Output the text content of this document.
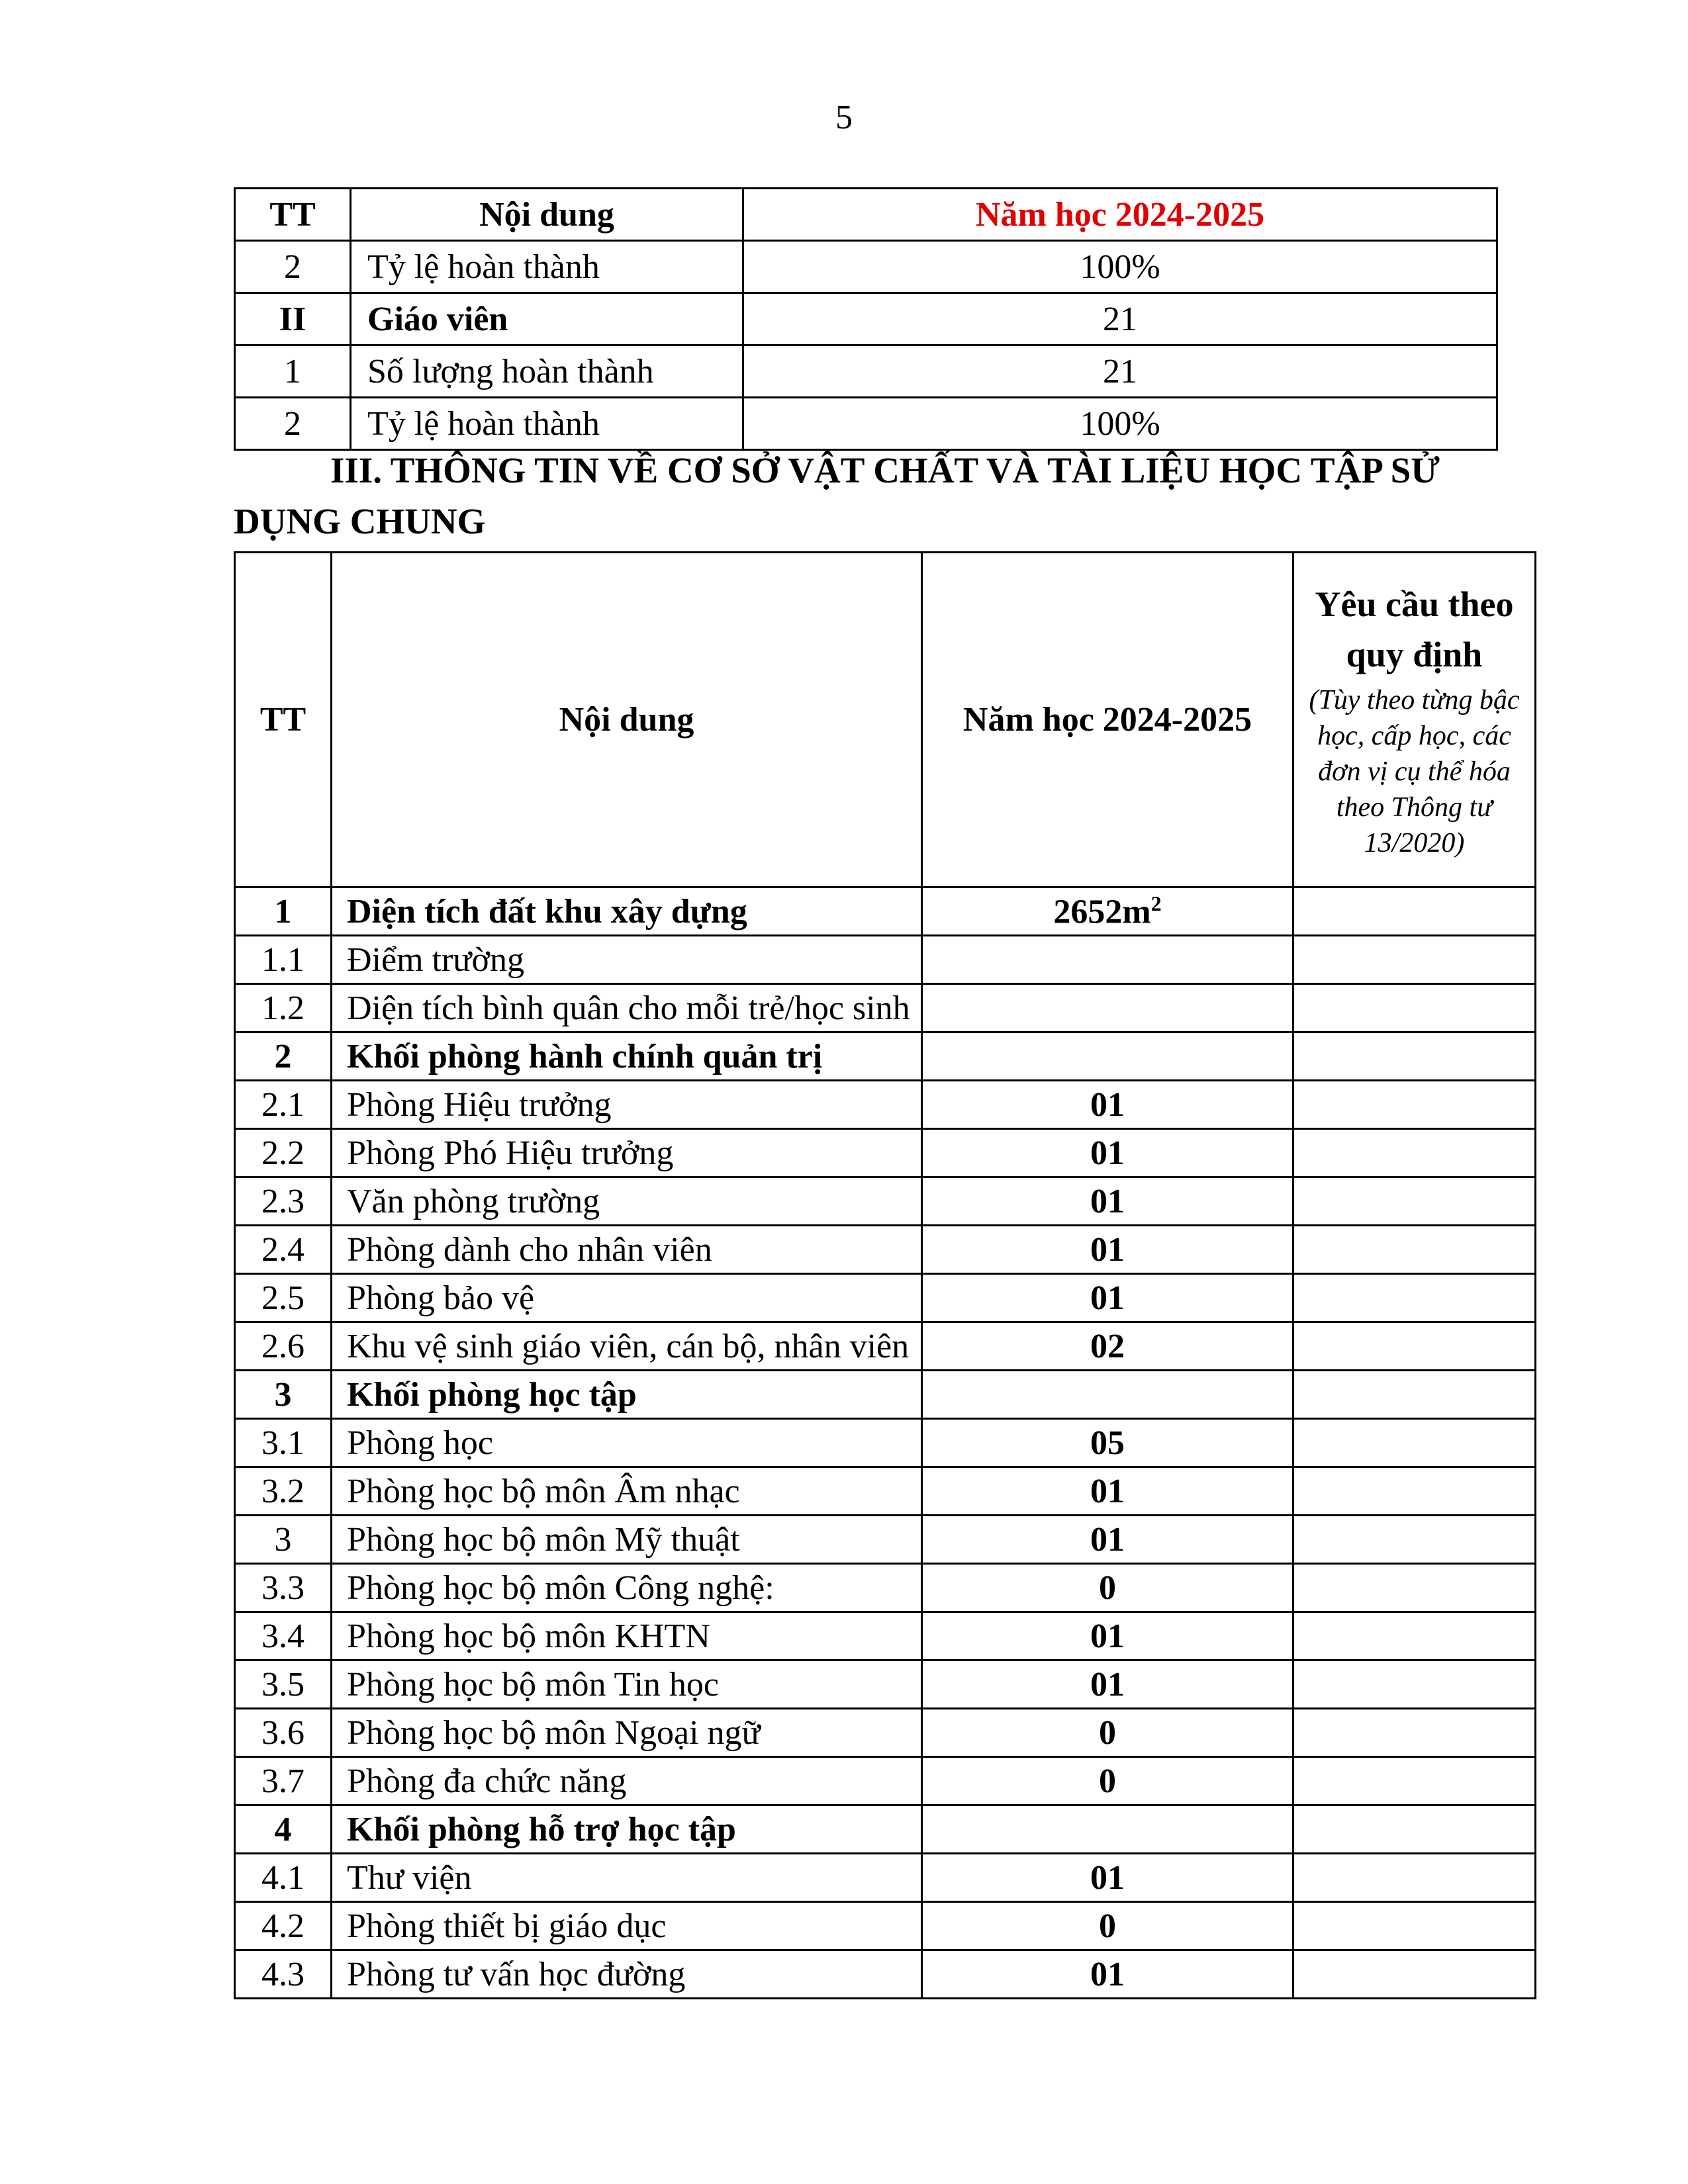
5
TT	Nội dung	Năm học 2024-2025
2	Tỷ lệ hoàn thành	100%
II	Giáo viên	21
1	Số lượng hoàn thành	21
2	Tỷ lệ hoàn thành	100%
III. THÔNG TIN VỀ CƠ SỞ VẬT CHẤT VÀ TÀI LIỆU HỌC TẬP SỬ
DỤNG CHUNG
TT	Nội dung	Năm học 2024-2025	Yêu cầu theo quy định
(Tùy theo từng bậc học, cấp học, các đơn vị cụ thể hóa theo Thông tư 13/2020)

1	Diện tích đất khu xây dựng	$2652m^2$	
1.1	Điểm trường		
1.2	Diện tích bình quân cho mỗi trẻ/học sinh		
2	Khối phòng hành chính quản trị		
2.1	Phòng Hiệu trưởng	01	
2.2	Phòng Phó Hiệu trưởng	01	
2.3	Văn phòng trường	01	
2.4	Phòng dành cho nhân viên	01	
2.5	Phòng bảo vệ	01	
2.6	Khu vệ sinh giáo viên, cán bộ, nhân viên	02	
3	Khối phòng học tập		
3.1	Phòng học	05	
3.2	Phòng học bộ môn Âm nhạc	01	
3	Phòng học bộ môn Mỹ thuật	01	
3.3	Phòng học bộ môn Công nghệ:	0	
3.4	Phòng học bộ môn KHTN	01	
3.5	Phòng học bộ môn Tin học	01	
3.6	Phòng học bộ môn Ngoại ngữ	0	
3.7	Phòng đa chức năng	0	
4	Khối phòng hỗ trợ học tập		
4.1	Thư viện	01	
4.2	Phòng thiết bị giáo dục	0	
4.3	Phòng tư vấn học đường	01	
